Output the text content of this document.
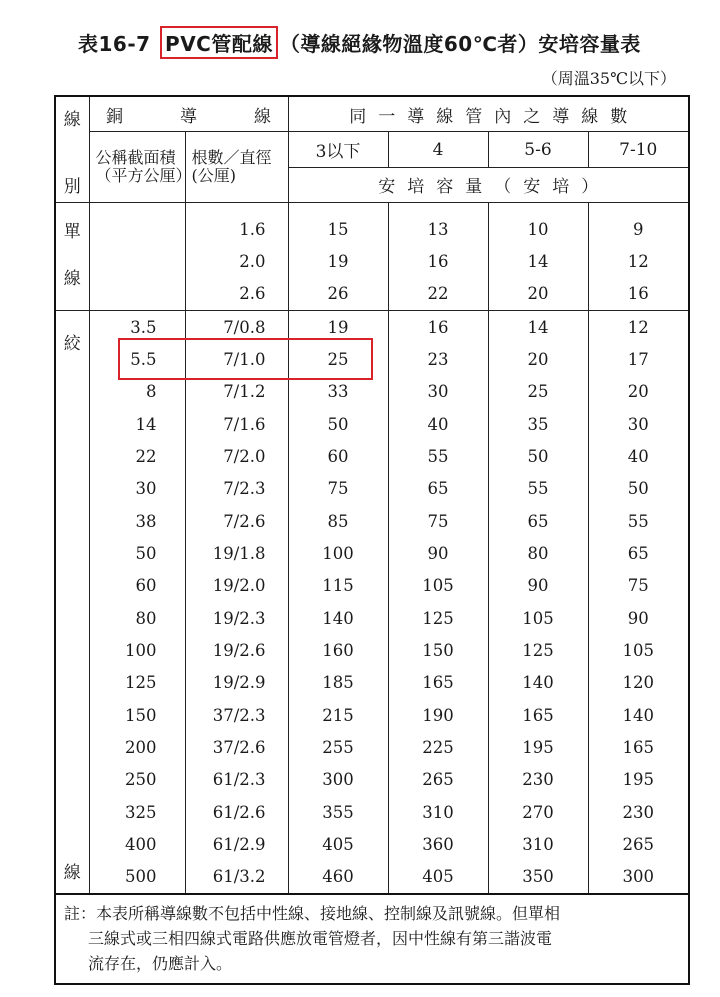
表16-7 PVC管配線 （導線絕緣物溫度60℃者）安培容量表
（周溫35℃以下）
線	銅　導　線		同一導線管內之導線數			
	公稱截面積（平方公厘）	根數／直徑(公厘)	3以下	4	5-6	7-10
別			安培容量（安培）			

單
線		1.6	15	13	10	9
		2.0	19	16	14	12
		2.6	26	22	20	16

絞
線	3.5	7/0.8	19	16	14	12
	5.5	7/1.0	25	23	20	17
	8	7/1.2	33	30	25	20
	14	7/1.6	50	40	35	30
	22	7/2.0	60	55	50	40
	30	7/2.3	75	65	55	50
	38	7/2.6	85	75	65	55
	50	19/1.8	100	90	80	65
	60	19/2.0	115	105	90	75
	80	19/2.3	140	125	105	90
	100	19/2.6	160	150	125	105
	125	19/2.9	185	165	140	120
	150	37/2.3	215	190	165	140
	200	37/2.6	255	225	195	165
	250	61/2.3	300	265	230	195
	325	61/2.6	355	310	270	230
	400	61/2.9	405	360	310	265
	500	61/3.2	460	405	350	300

註：本表所稱導線數不包括中性線、接地線、控制線及訊號線。但單相
三線式或三相四線式電路供應放電管燈者，因中性線有第三諧波電
流存在，仍應計入。						
